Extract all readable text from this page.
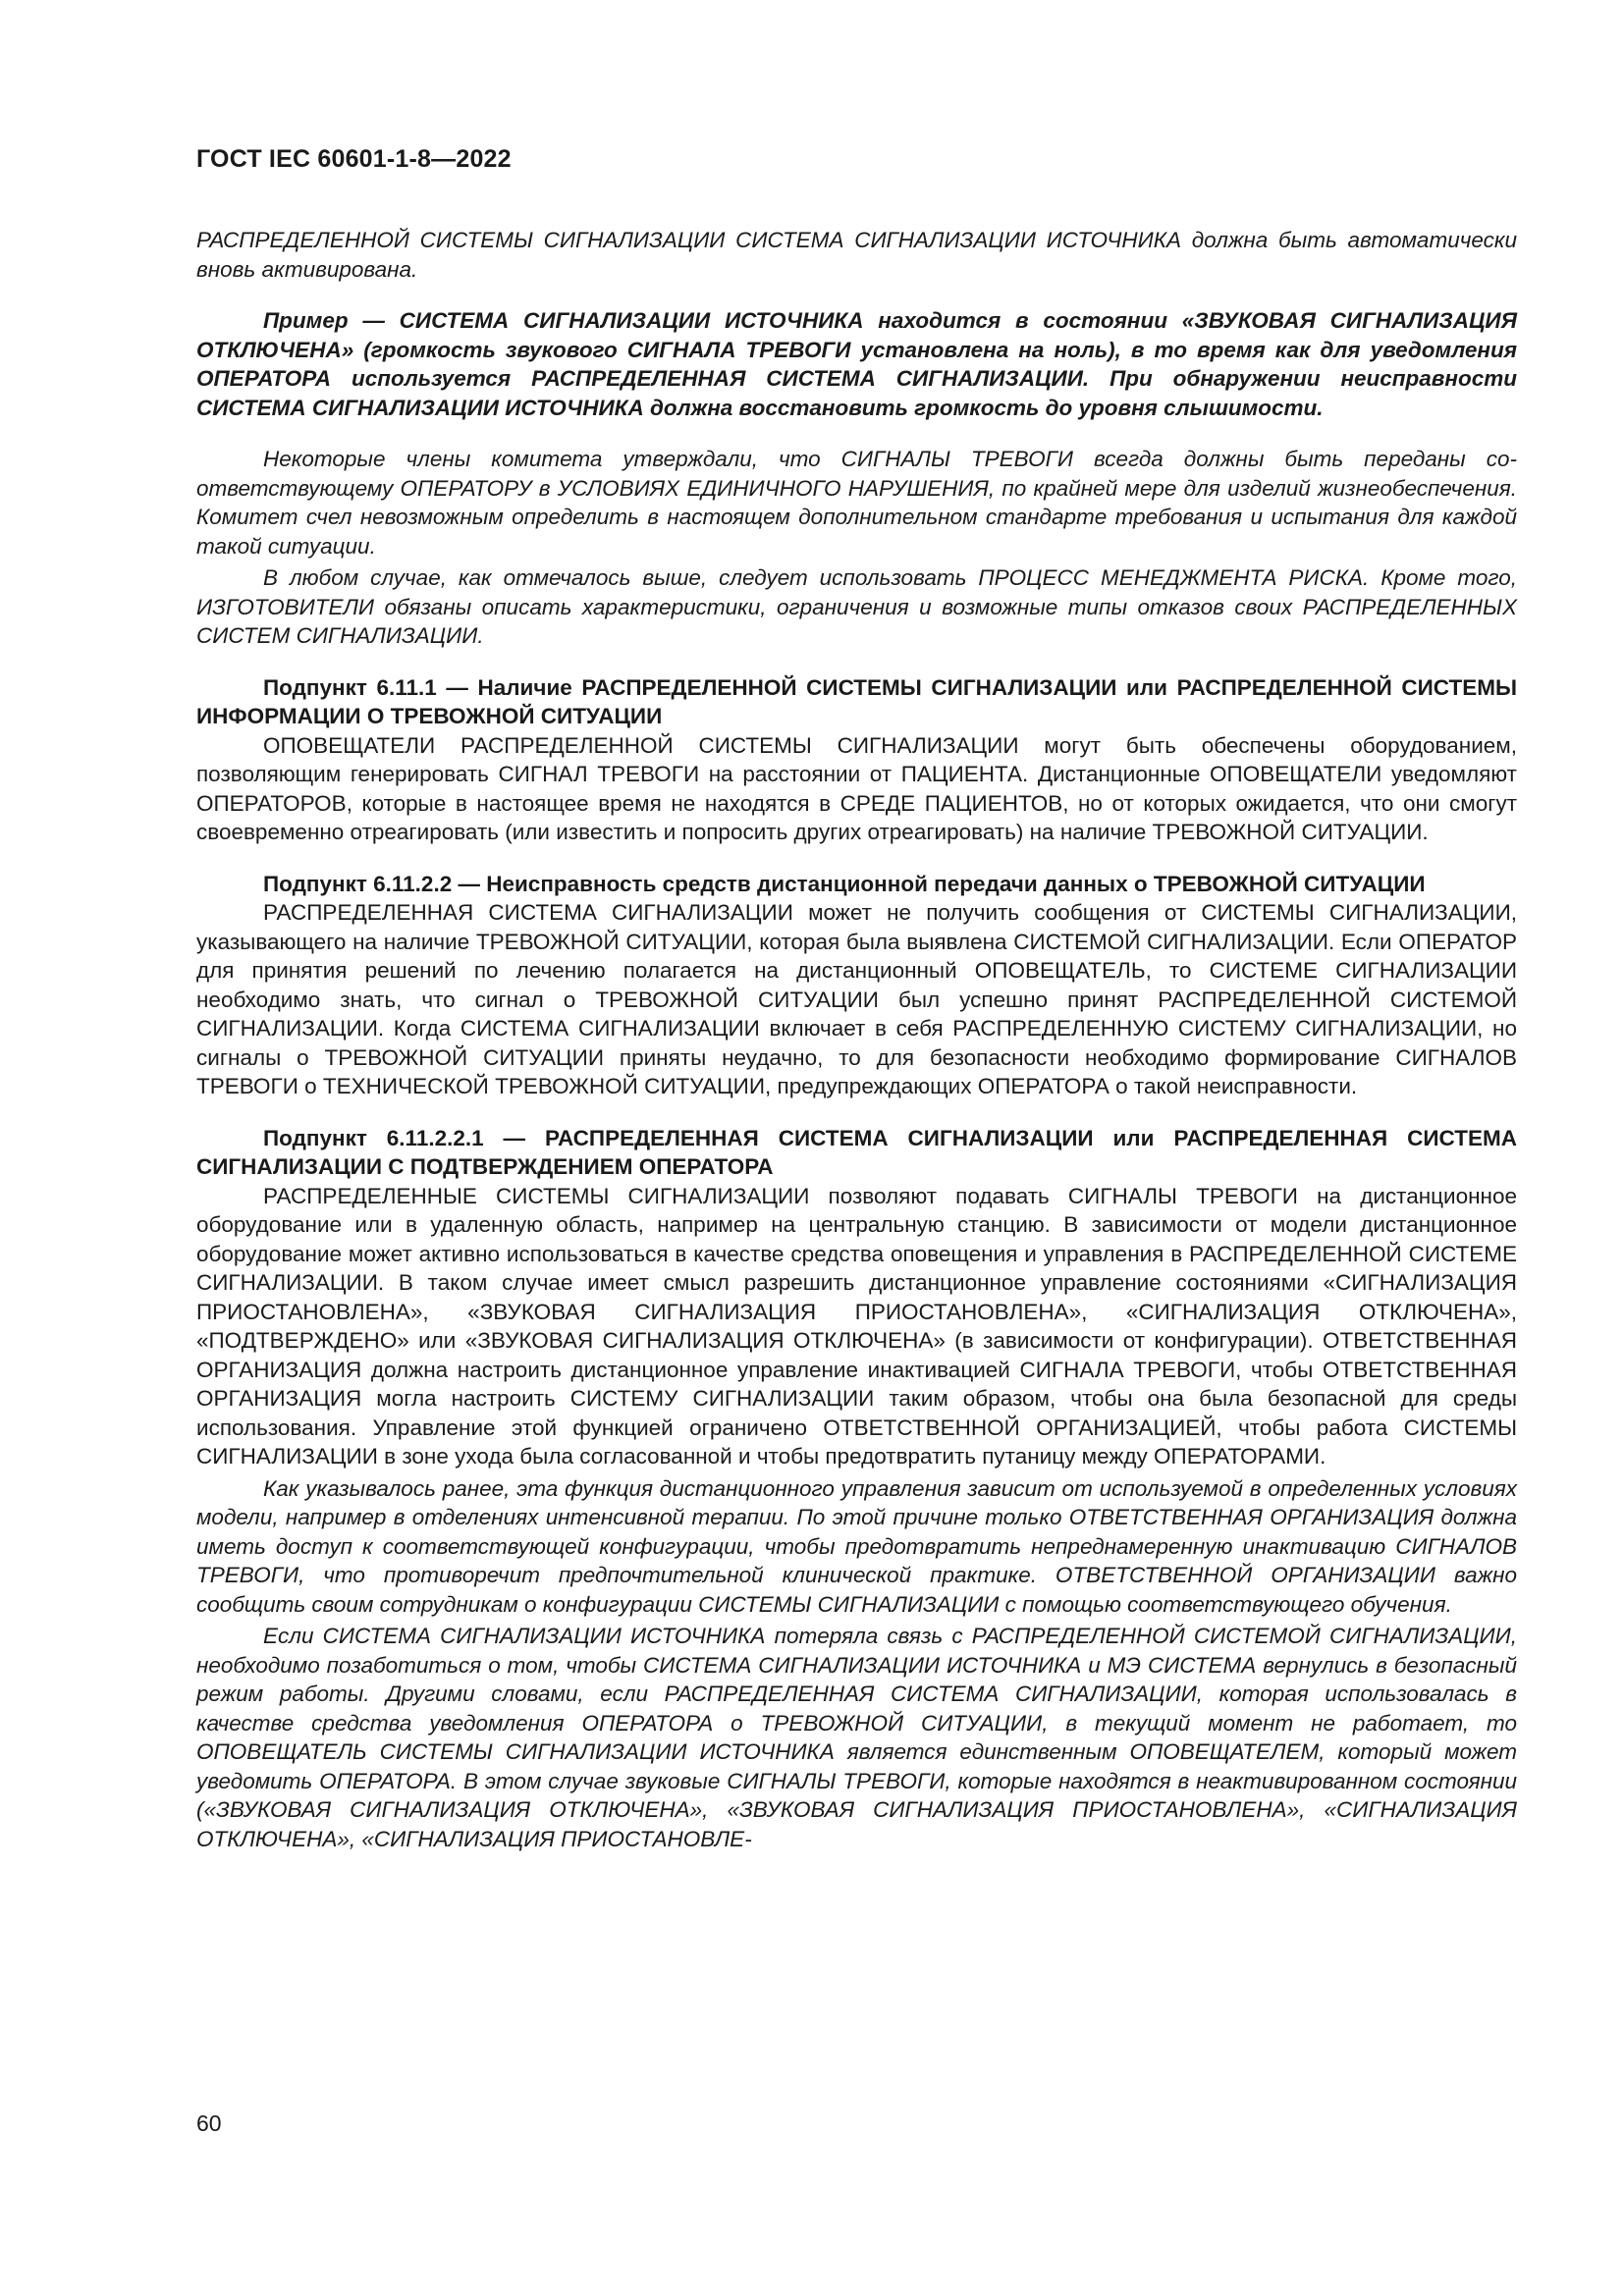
ГОСТ IEC 60601-1-8—2022

РАСПРЕДЕЛЕННОЙ СИСТЕМЫ СИГНАЛИЗАЦИИ СИСТЕМА СИГНАЛИЗАЦИИ ИСТОЧНИКА должна быть автоматически вновь активирована.

Пример — СИСТЕМА СИГНАЛИЗАЦИИ ИСТОЧНИКА находится в состоянии «ЗВУКОВАЯ СИГНАЛИЗАЦИЯ ОТКЛЮЧЕНА» (громкость звукового СИГНАЛА ТРЕВОГИ установлена на ноль), в то время как для уведомления ОПЕРАТОРА используется РАСПРЕДЕЛЕННАЯ СИСТЕМА СИГНАЛИЗАЦИИ. При обнаружении неисправности СИСТЕМА СИГНАЛИЗАЦИИ ИСТОЧНИКА должна восстановить громкость до уровня слышимости.

Некоторые члены комитета утверждали, что СИГНАЛЫ ТРЕВОГИ всегда должны быть переданы соответствующему ОПЕРАТОРУ в УСЛОВИЯХ ЕДИНИЧНОГО НАРУШЕНИЯ, по крайней мере для изделий жизнеобеспечения. Комитет счел невозможным определить в настоящем дополнительном стандарте требования и испытания для каждой такой ситуации.

В любом случае, как отмечалось выше, следует использовать ПРОЦЕСС МЕНЕДЖМЕНТА РИСКА. Кроме того, ИЗГОТОВИТЕЛИ обязаны описать характеристики, ограничения и возможные типы отказов своих РАСПРЕДЕЛЕННЫХ СИСТЕМ СИГНАЛИЗАЦИИ.

Подпункт 6.11.1 — Наличие РАСПРЕДЕЛЕННОЙ СИСТЕМЫ СИГНАЛИЗАЦИИ или РАСПРЕДЕЛЕННОЙ СИСТЕМЫ ИНФОРМАЦИИ О ТРЕВОЖНОЙ СИТУАЦИИ

ОПОВЕЩАТЕЛИ РАСПРЕДЕЛЕННОЙ СИСТЕМЫ СИГНАЛИЗАЦИИ могут быть обеспечены оборудованием, позволяющим генерировать СИГНАЛ ТРЕВОГИ на расстоянии от ПАЦИЕНТА. Дистанционные ОПОВЕЩАТЕЛИ уведомляют ОПЕРАТОРОВ, которые в настоящее время не находятся в СРЕДЕ ПАЦИЕНТОВ, но от которых ожидается, что они смогут своевременно отреагировать (или известить и попросить других отреагировать) на наличие ТРЕВОЖНОЙ СИТУАЦИИ.

Подпункт 6.11.2.2 — Неисправность средств дистанционной передачи данных о ТРЕВОЖНОЙ СИТУАЦИИ

РАСПРЕДЕЛЕННАЯ СИСТЕМА СИГНАЛИЗАЦИИ может не получить сообщения от СИСТЕМЫ СИГНАЛИЗАЦИИ, указывающего на наличие ТРЕВОЖНОЙ СИТУАЦИИ, которая была выявлена СИСТЕМОЙ СИГНАЛИЗАЦИИ. Если ОПЕРАТОР для принятия решений по лечению полагается на дистанционный ОПОВЕЩАТЕЛЬ, то СИСТЕМЕ СИГНАЛИЗАЦИИ необходимо знать, что сигнал о ТРЕВОЖНОЙ СИТУАЦИИ был успешно принят РАСПРЕДЕЛЕННОЙ СИСТЕМОЙ СИГНАЛИЗАЦИИ. Когда СИСТЕМА СИГНАЛИЗАЦИИ включает в себя РАСПРЕДЕЛЕННУЮ СИСТЕМУ СИГНАЛИЗАЦИИ, но сигналы о ТРЕВОЖНОЙ СИТУАЦИИ приняты неудачно, то для безопасности необходимо формирование СИГНАЛОВ ТРЕВОГИ о ТЕХНИЧЕСКОЙ ТРЕВОЖНОЙ СИТУАЦИИ, предупреждающих ОПЕРАТОРА о такой неисправности.

Подпункт 6.11.2.2.1 — РАСПРЕДЕЛЕННАЯ СИСТЕМА СИГНАЛИЗАЦИИ или РАСПРЕДЕЛЕННАЯ СИСТЕМА СИГНАЛИЗАЦИИ С ПОДТВЕРЖДЕНИЕМ ОПЕРАТОРА

РАСПРЕДЕЛЕННЫЕ СИСТЕМЫ СИГНАЛИЗАЦИИ позволяют подавать СИГНАЛЫ ТРЕВОГИ на дистанционное оборудование или в удаленную область, например на центральную станцию. В зависимости от модели дистанционное оборудование может активно использоваться в качестве средства оповещения и управления в РАСПРЕДЕЛЕННОЙ СИСТЕМЕ СИГНАЛИЗАЦИИ. В таком случае имеет смысл разрешить дистанционное управление состояниями «СИГНАЛИЗАЦИЯ ПРИОСТАНОВЛЕНА», «ЗВУКОВАЯ СИГНАЛИЗАЦИЯ ПРИОСТАНОВЛЕНА», «СИГНАЛИЗАЦИЯ ОТКЛЮЧЕНА», «ПОДТВЕРЖДЕНО» или «ЗВУКОВАЯ СИГНАЛИЗАЦИЯ ОТКЛЮЧЕНА» (в зависимости от конфигурации). ОТВЕТСТВЕННАЯ ОРГАНИЗАЦИЯ должна настроить дистанционное управление инактивацией СИГНАЛА ТРЕВОГИ, чтобы ОТВЕТСТВЕННАЯ ОРГАНИЗАЦИЯ могла настроить СИСТЕМУ СИГНАЛИЗАЦИИ таким образом, чтобы она была безопасной для среды использования. Управление этой функцией ограничено ОТВЕТСТВЕННОЙ ОРГАНИЗАЦИЕЙ, чтобы работа СИСТЕМЫ СИГНАЛИЗАЦИИ в зоне ухода была согласованной и чтобы предотвратить путаницу между ОПЕРАТОРАМИ.

Как указывалось ранее, эта функция дистанционного управления зависит от используемой в определенных условиях модели, например в отделениях интенсивной терапии. По этой причине только ОТВЕТСТВЕННАЯ ОРГАНИЗАЦИЯ должна иметь доступ к соответствующей конфигурации, чтобы предотвратить непреднамеренную инактивацию СИГНАЛОВ ТРЕВОГИ, что противоречит предпочтительной клинической практике. ОТВЕТСТВЕННОЙ ОРГАНИЗАЦИИ важно сообщить своим сотрудникам о конфигурации СИСТЕМЫ СИГНАЛИЗАЦИИ с помощью соответствующего обучения.

Если СИСТЕМА СИГНАЛИЗАЦИИ ИСТОЧНИКА потеряла связь с РАСПРЕДЕЛЕННОЙ СИСТЕМОЙ СИГНАЛИЗАЦИИ, необходимо позаботиться о том, чтобы СИСТЕМА СИГНАЛИЗАЦИИ ИСТОЧНИКА и МЭ СИСТЕМА вернулись в безопасный режим работы. Другими словами, если РАСПРЕДЕЛЕННАЯ СИСТЕМА СИГНАЛИЗАЦИИ, которая использовалась в качестве средства уведомления ОПЕРАТОРА о ТРЕВОЖНОЙ СИТУАЦИИ, в текущий момент не работает, то ОПОВЕЩАТЕЛЬ СИСТЕМЫ СИГНАЛИЗАЦИИ ИСТОЧНИКА является единственным ОПОВЕЩАТЕЛЕМ, который может уведомить ОПЕРАТОРА. В этом случае звуковые СИГНАЛЫ ТРЕВОГИ, которые находятся в неактивированном состоянии («ЗВУКОВАЯ СИГНАЛИЗАЦИЯ ОТКЛЮЧЕНА», «ЗВУКОВАЯ СИГНАЛИЗАЦИЯ ПРИОСТАНОВЛЕНА», «СИГНАЛИЗАЦИЯ ОТКЛЮЧЕНА», «СИГНАЛИЗАЦИЯ ПРИОСТАНОВЛЕ-

60
